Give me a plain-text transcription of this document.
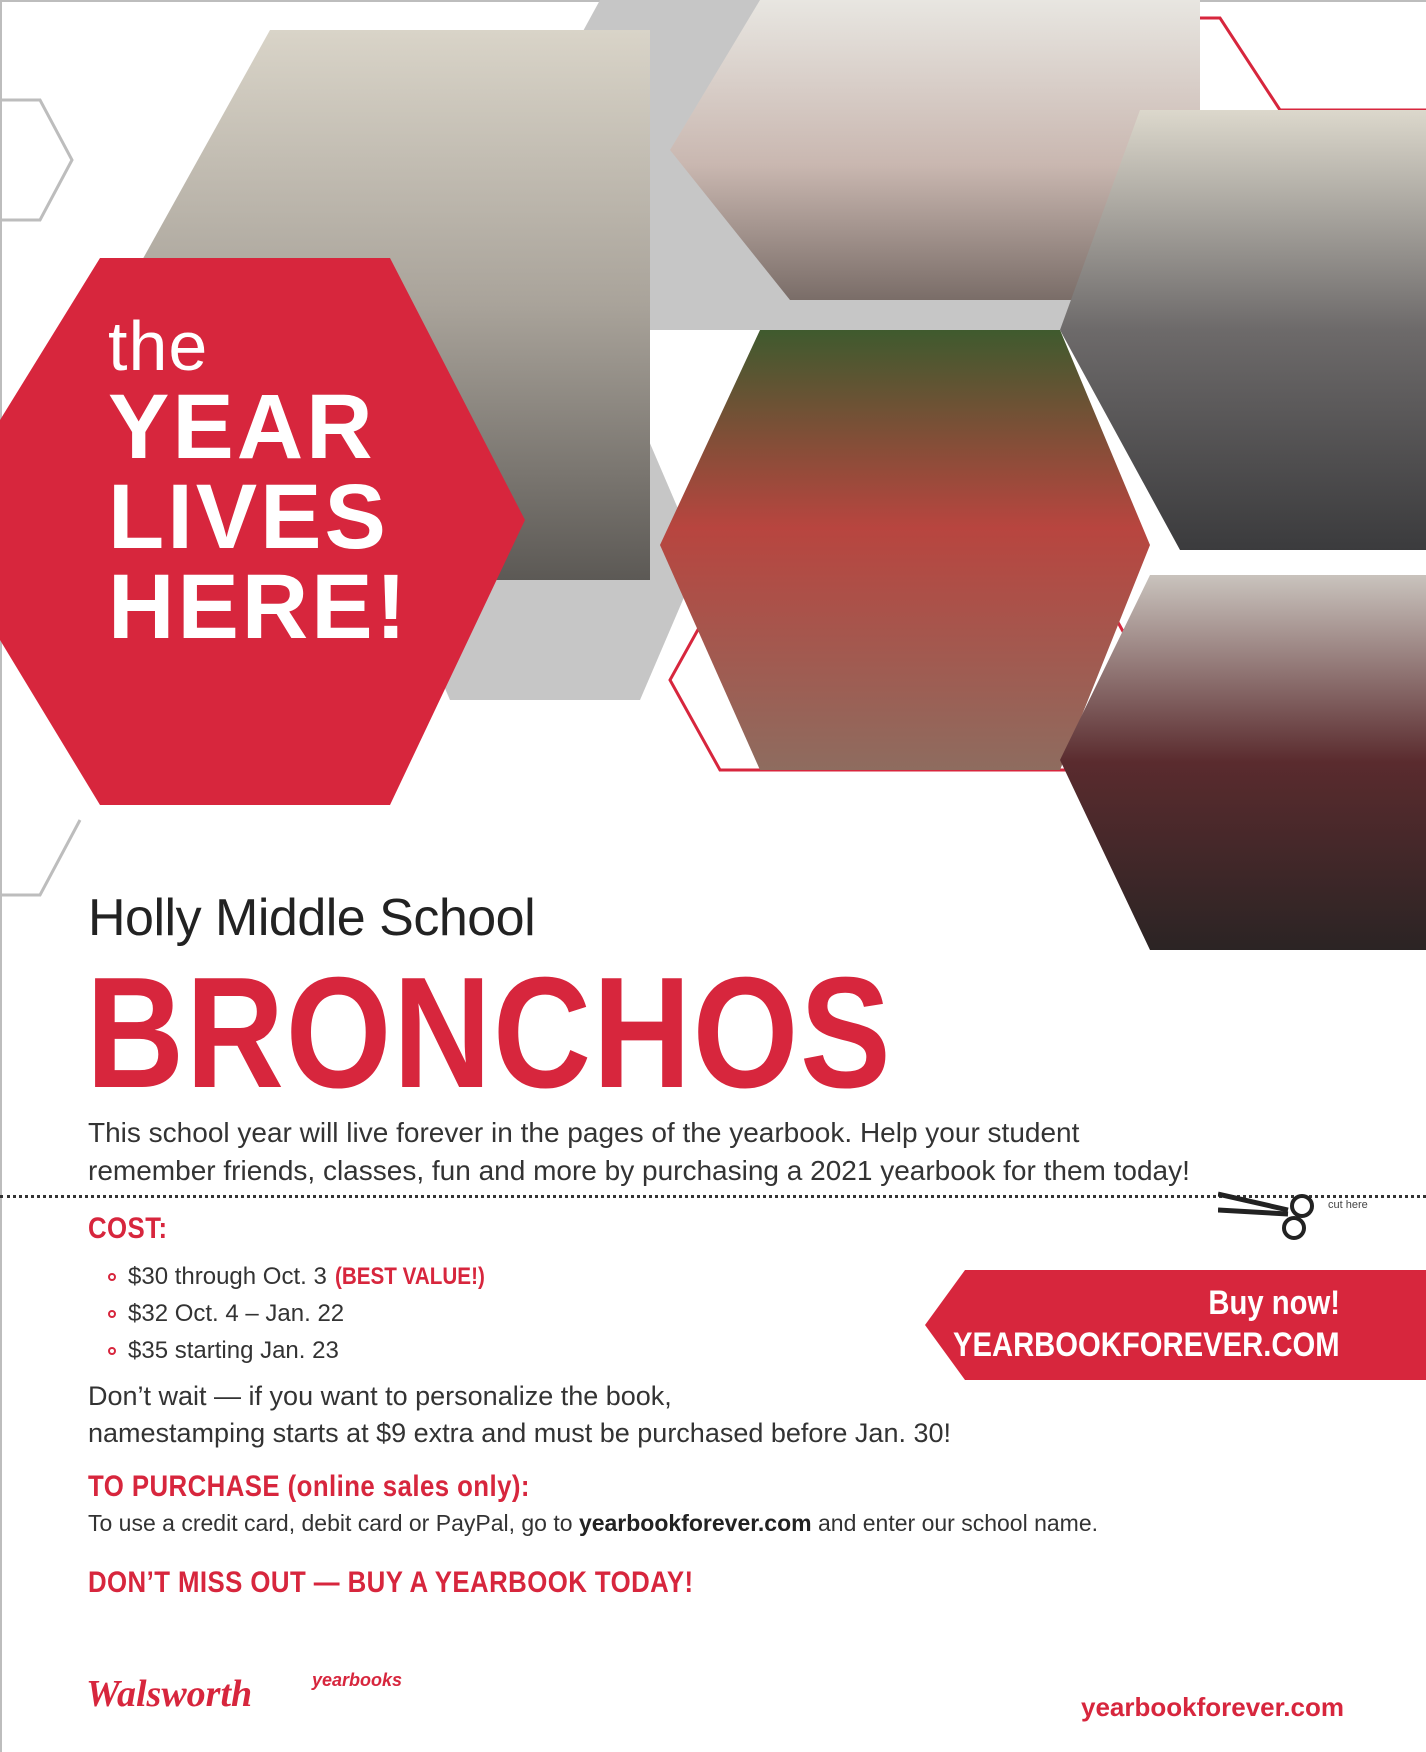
the
YEAR
LIVES
HERE!
Holly Middle School
BRONCHOS
This school year will live forever in the pages of the yearbook. Help your student
remember friends, classes, fun and more by purchasing a 2021 yearbook for them today!
cut here
COST:
$30 through Oct. 3 (BEST VALUE!)
$32 Oct. 4 – Jan. 22
$35 starting Jan. 23
Buy now!
YEARBOOKFOREVER.COM
Don’t wait — if you want to personalize the book,
namestamping starts at $9 extra and must be purchased before Jan. 30!
TO PURCHASE (online sales only):
To use a credit card, debit card or PayPal, go to yearbookforever.com and enter our school name.
DON’T MISS OUT — BUY A YEARBOOK TODAY!
Walsworth	yearbooks
yearbookforever.com
